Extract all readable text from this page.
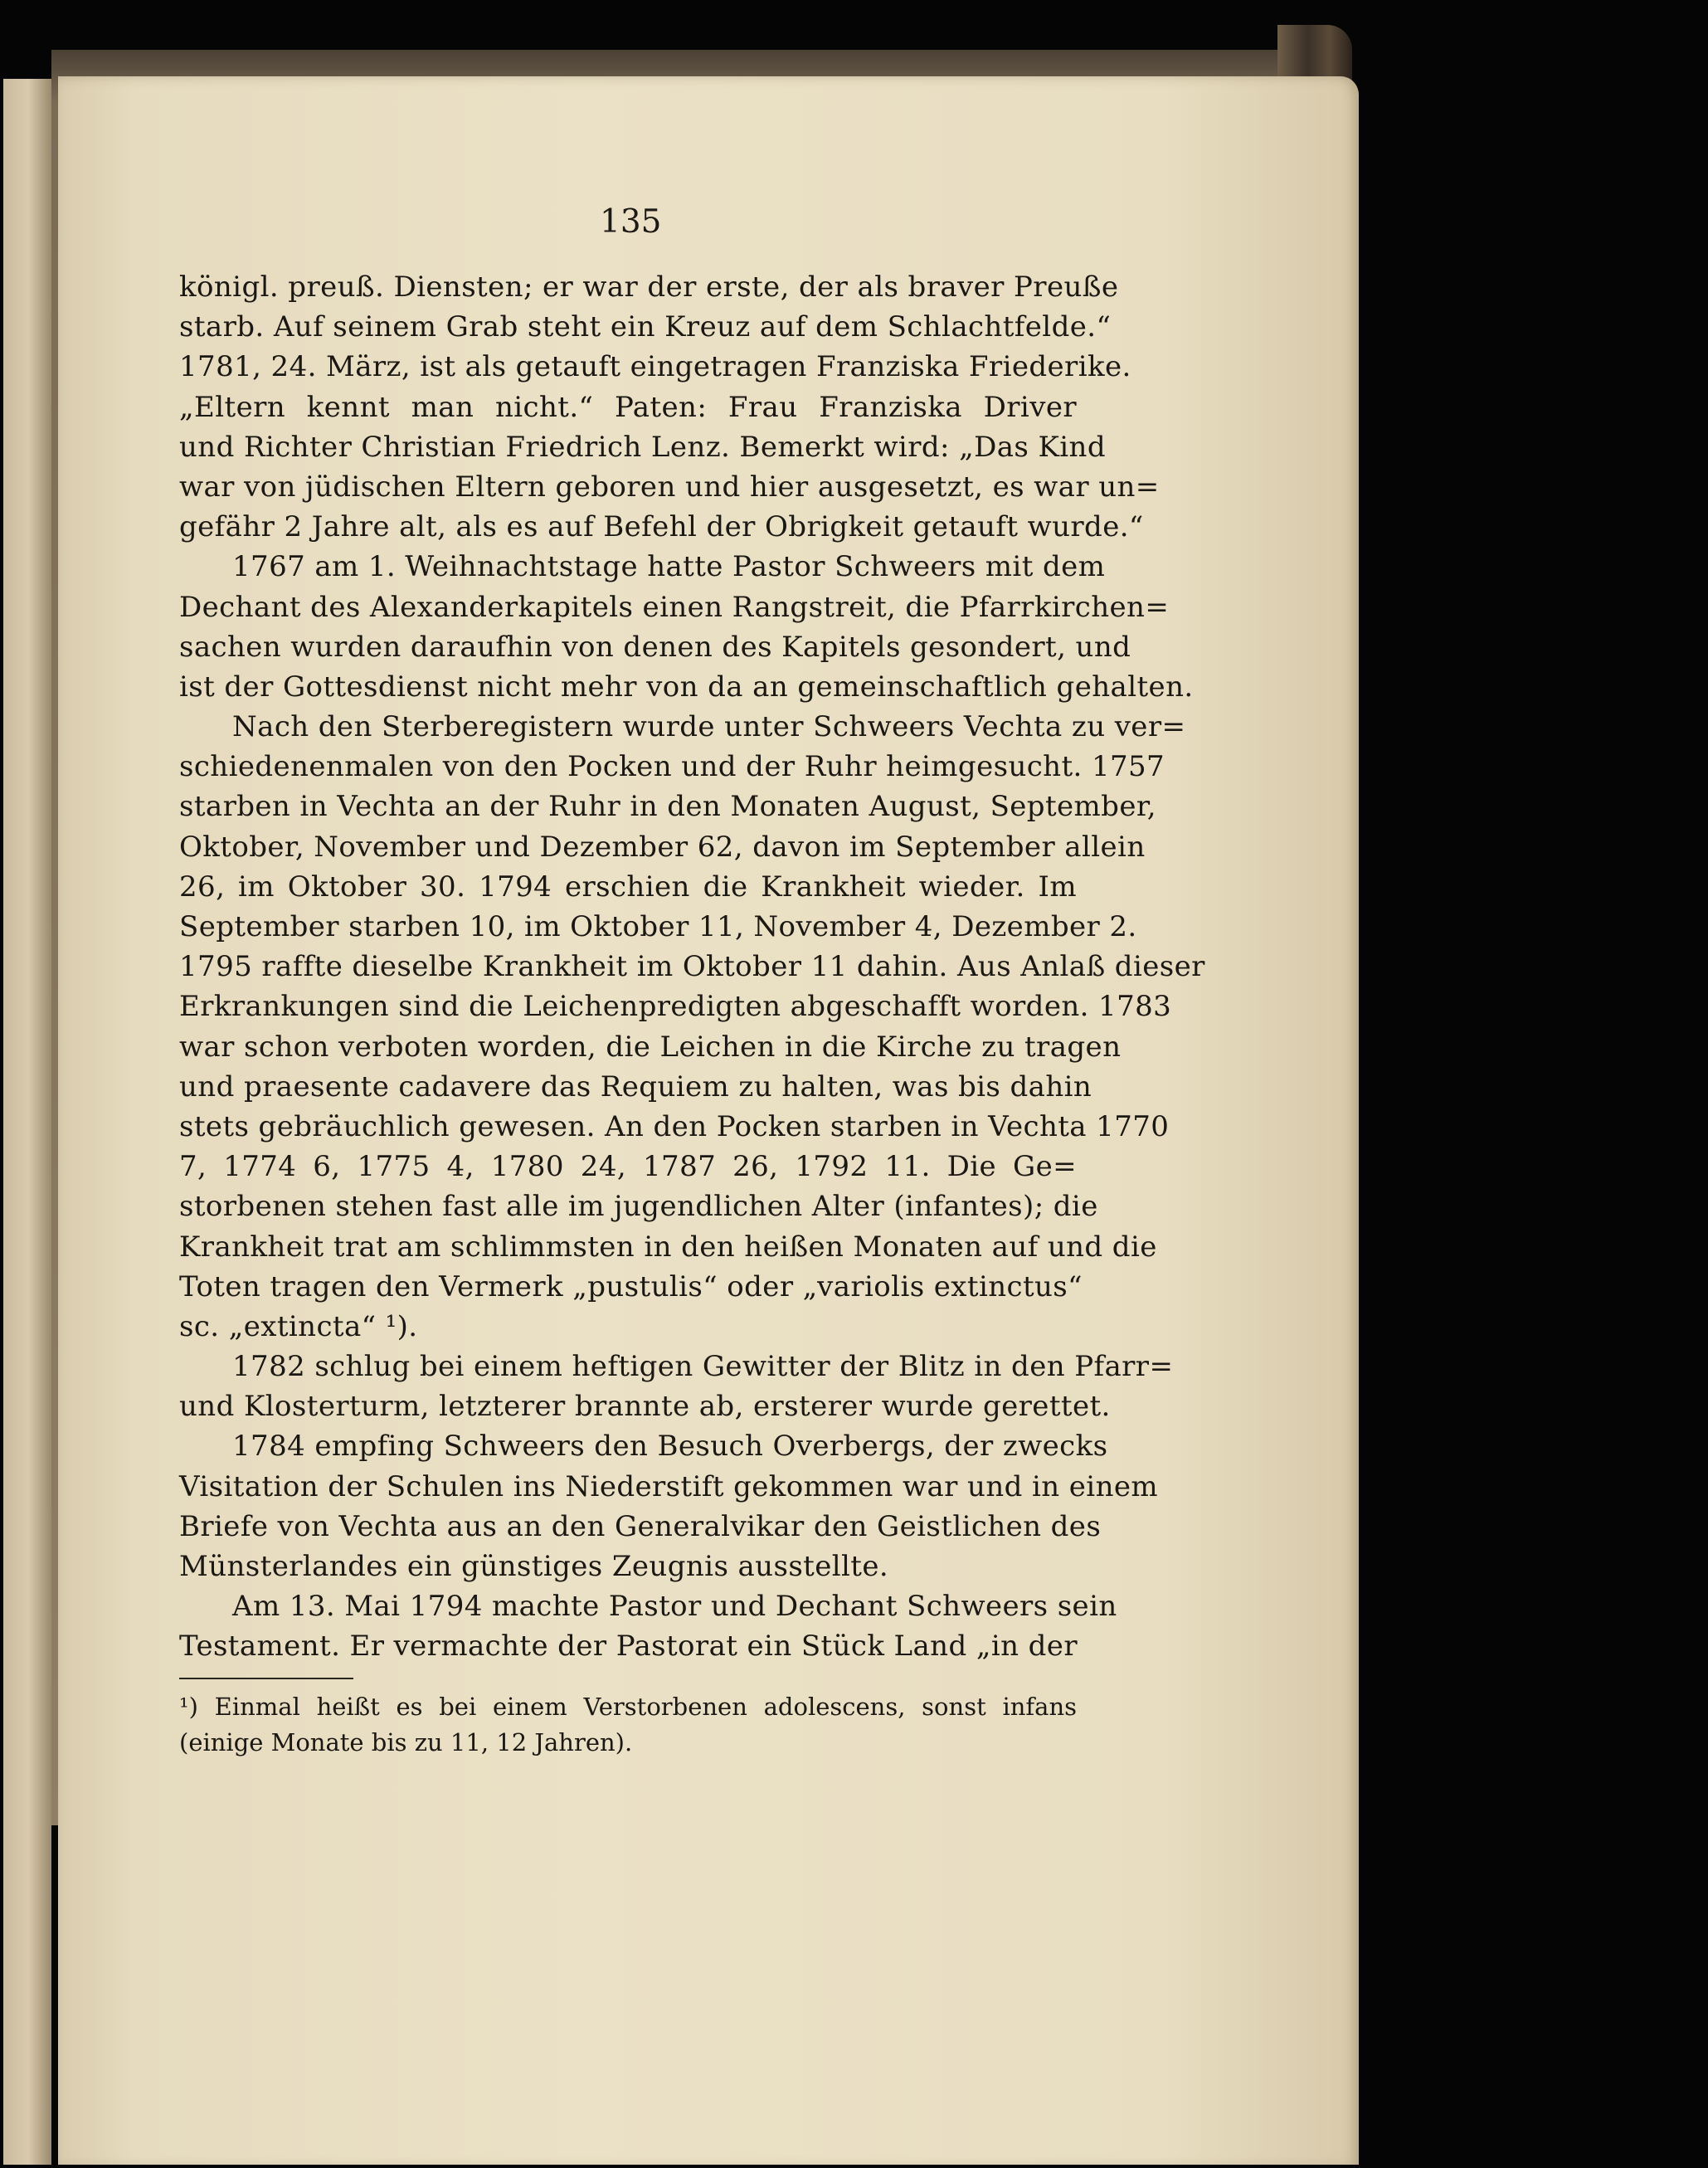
135
königl. preuß. Diensten; er war der erste, der als braver Preuße
starb. Auf seinem Grab steht ein Kreuz auf dem Schlachtfelde.“
1781, 24. März, ist als getauft eingetragen Franziska Friederike.
„Eltern kennt man nicht.“ Paten: Frau Franziska Driver
und Richter Christian Friedrich Lenz. Bemerkt wird: „Das Kind
war von jüdischen Eltern geboren und hier ausgesetzt, es war un=
gefähr 2 Jahre alt, als es auf Befehl der Obrigkeit getauft wurde.“
1767 am 1. Weihnachtstage hatte Pastor Schweers mit dem
Dechant des Alexanderkapitels einen Rangstreit, die Pfarrkirchen=
sachen wurden daraufhin von denen des Kapitels gesondert, und
ist der Gottesdienst nicht mehr von da an gemeinschaftlich gehalten.
Nach den Sterberegistern wurde unter Schweers Vechta zu ver=
schiedenenmalen von den Pocken und der Ruhr heimgesucht. 1757
starben in Vechta an der Ruhr in den Monaten August, September,
Oktober, November und Dezember 62, davon im September allein
26, im Oktober 30. 1794 erschien die Krankheit wieder. Im
September starben 10, im Oktober 11, November 4, Dezember 2.
1795 raffte dieselbe Krankheit im Oktober 11 dahin. Aus Anlaß dieser
Erkrankungen sind die Leichenpredigten abgeschafft worden. 1783
war schon verboten worden, die Leichen in die Kirche zu tragen
und praesente cadavere das Requiem zu halten, was bis dahin
stets gebräuchlich gewesen. An den Pocken starben in Vechta 1770
7, 1774 6, 1775 4, 1780 24, 1787 26, 1792 11. Die Ge=
storbenen stehen fast alle im jugendlichen Alter (infantes); die
Krankheit trat am schlimmsten in den heißen Monaten auf und die
Toten tragen den Vermerk „pustulis“ oder „variolis extinctus“
sc. „extincta“ ¹).
1782 schlug bei einem heftigen Gewitter der Blitz in den Pfarr=
und Klosterturm, letzterer brannte ab, ersterer wurde gerettet.
1784 empfing Schweers den Besuch Overbergs, der zwecks
Visitation der Schulen ins Niederstift gekommen war und in einem
Briefe von Vechta aus an den Generalvikar den Geistlichen des
Münsterlandes ein günstiges Zeugnis ausstellte.
Am 13. Mai 1794 machte Pastor und Dechant Schweers sein
Testament. Er vermachte der Pastorat ein Stück Land „in der
¹) Einmal heißt es bei einem Verstorbenen adolescens, sonst infans
(einige Monate bis zu 11, 12 Jahren).
